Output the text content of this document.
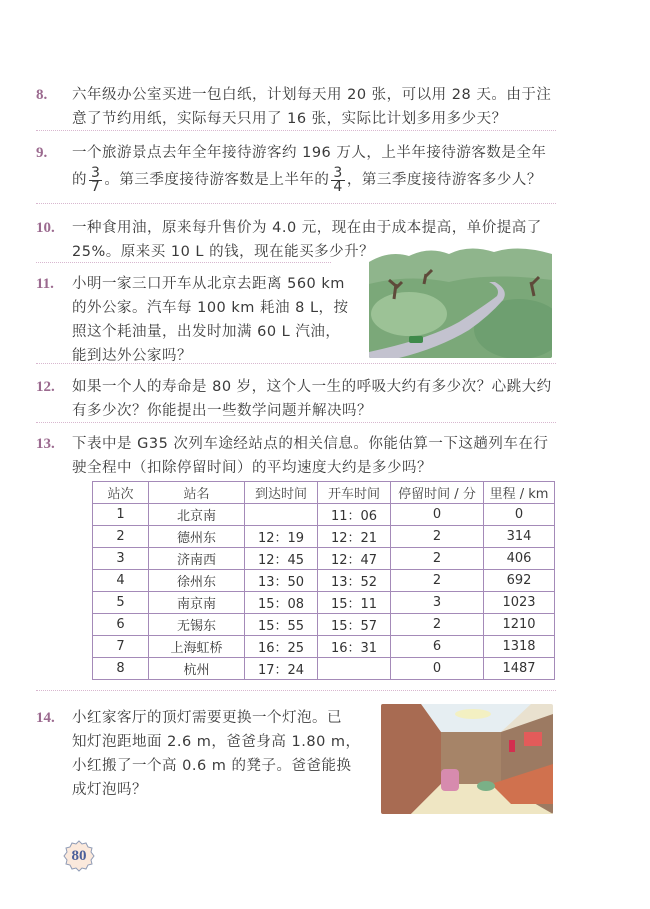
8. 六年级办公室买进一包白纸，计划每天用 20 张，可以用 28 天。由于注
意了节约用纸，实际每天只用了 16 张，实际比计划多用多少天？
9. 一个旅游景点去年全年接待游客约 196 万人，上半年接待游客数是全年
的 $\frac{3}{7}$ 。第三季度接待游客数是上半年的 $\frac{3}{4}$ ，第三季度接待游客多少人？
10. 一种食用油，原来每升售价为 4.0 元，现在由于成本提高，单价提高了
25%。原来买 10 L 的钱，现在能买多少升？
11. 小明一家三口开车从北京去距离 560 km
的外公家。汽车每 100 km 耗油 8 L，按
照这个耗油量，出发时加满 60 L 汽油，
能到达外公家吗？
12. 如果一个人的寿命是 80 岁，这个人一生的呼吸大约有多少次？心跳大约
有多少次？你能提出一些数学问题并解决吗？
13. 下表中是 G35 次列车途经站点的相关信息。你能估算一下这趟列车在行
驶全程中（扣除停留时间）的平均速度大约是多少吗？
站次	站名	到达时间	开车时间	停留时间 / 分	里程 / km
1	北京南		11：06	0	0
2	德州东	12：19	12：21	2	314
3	济南西	12：45	12：47	2	406
4	徐州东	13：50	13：52	2	692
5	南京南	15：08	15：11	3	1023
6	无锡东	15：55	15：57	2	1210
7	上海虹桥	16：25	16：31	6	1318
8	杭州	17：24		0	1487
14. 小红家客厅的顶灯需要更换一个灯泡。已
知灯泡距地面 2.6 m，爸爸身高 1.80 m，
小红搬了一个高 0.6 m 的凳子。爸爸能换
成灯泡吗？
80
